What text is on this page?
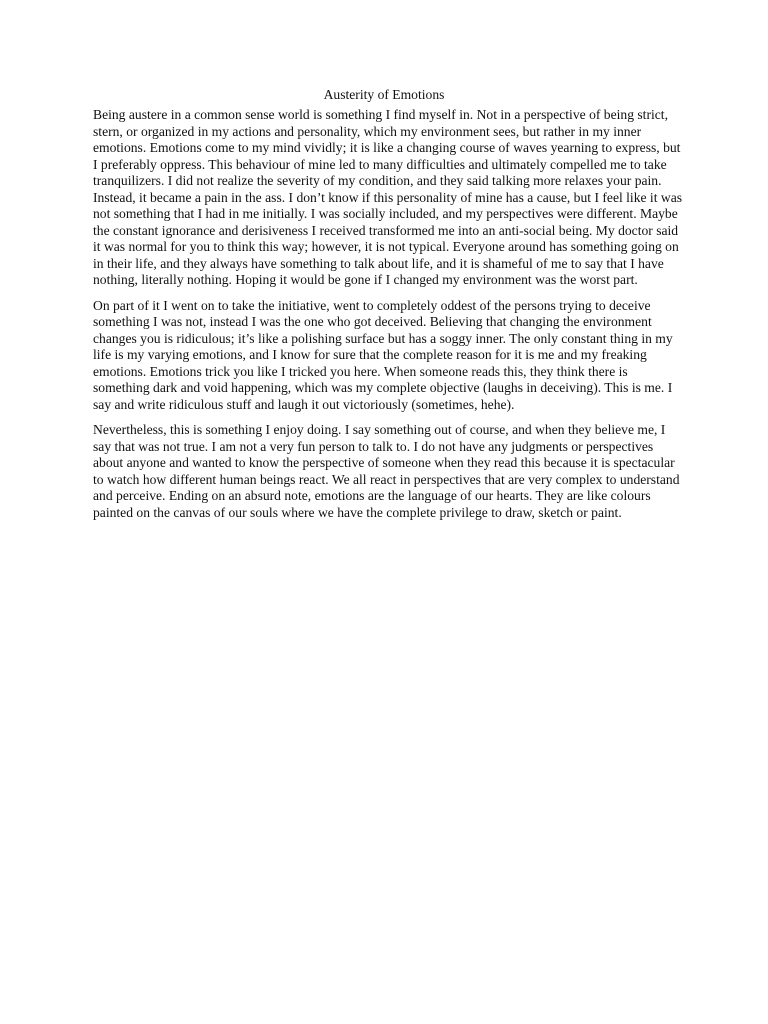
Austerity of Emotions

Being austere in a common sense world is something I find myself in. Not in a perspective of being strict, stern, or organized in my actions and personality, which my environment sees, but rather in my inner emotions. Emotions come to my mind vividly; it is like a changing course of waves yearning to express, but I preferably oppress. This behaviour of mine led to many difficulties and ultimately compelled me to take tranquilizers. I did not realize the severity of my condition, and they said talking more relaxes your pain. Instead, it became a pain in the ass. I don’t know if this personality of mine has a cause, but I feel like it was not something that I had in me initially. I was socially included, and my perspectives were different. Maybe the constant ignorance and derisiveness I received transformed me into an anti-social being. My doctor said it was normal for you to think this way; however, it is not typical. Everyone around has something going on in their life, and they always have something to talk about life, and it is shameful of me to say that I have nothing, literally nothing. Hoping it would be gone if I changed my environment was the worst part.

On part of it I went on to take the initiative, went to completely oddest of the persons trying to deceive something I was not, instead I was the one who got deceived. Believing that changing the environment changes you is ridiculous; it’s like a polishing surface but has a soggy inner. The only constant thing in my life is my varying emotions, and I know for sure that the complete reason for it is me and my freaking emotions. Emotions trick you like I tricked you here. When someone reads this, they think there is something dark and void happening, which was my complete objective (laughs in deceiving). This is me. I say and write ridiculous stuff and laugh it out victoriously (sometimes, hehe).

Nevertheless, this is something I enjoy doing. I say something out of course, and when they believe me, I say that was not true. I am not a very fun person to talk to. I do not have any judgments or perspectives about anyone and wanted to know the perspective of someone when they read this because it is spectacular to watch how different human beings react. We all react in perspectives that are very complex to understand and perceive. Ending on an absurd note, emotions are the language of our hearts. They are like colours painted on the canvas of our souls where we have the complete privilege to draw, sketch or paint.
